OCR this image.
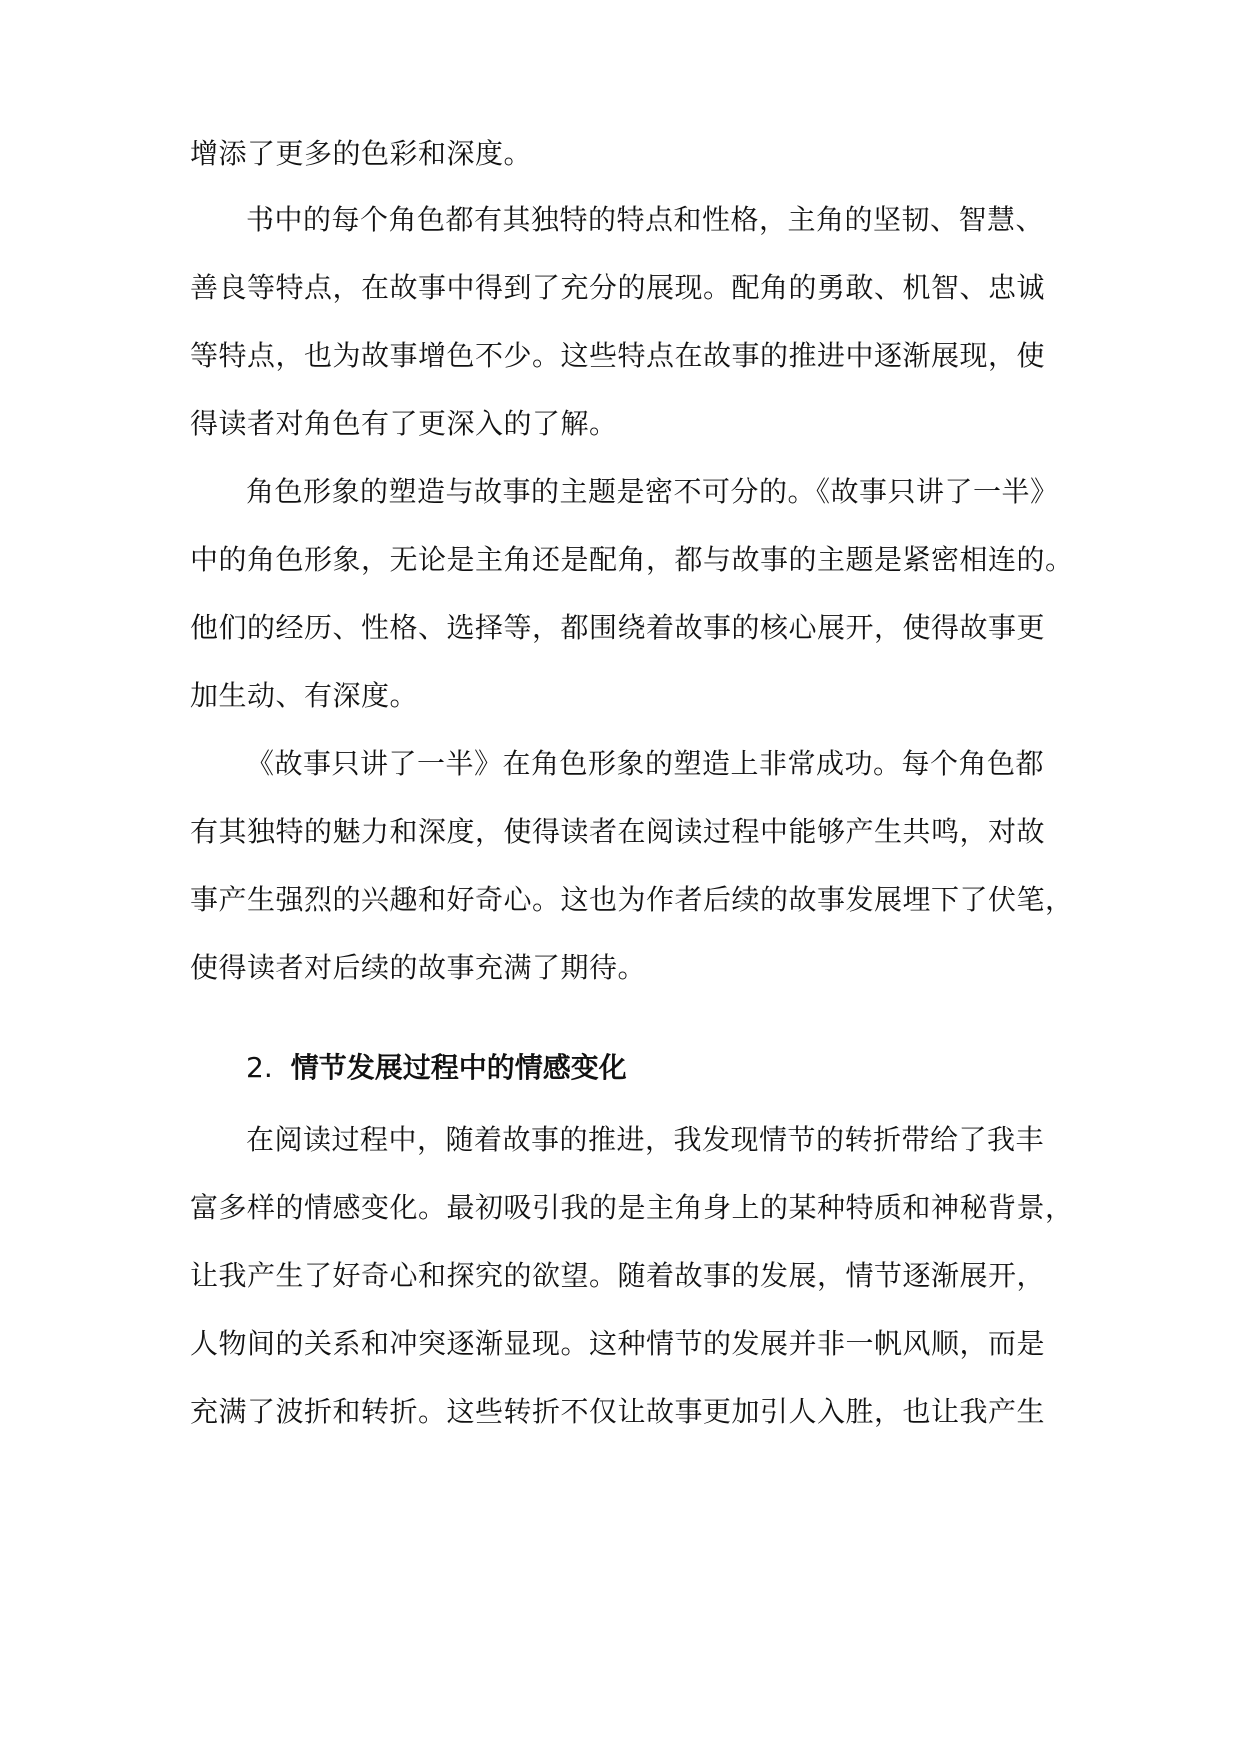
增添了更多的色彩和深度。
书中的每个角色都有其独特的特点和性格，主角的坚韧、智慧、
善良等特点，在故事中得到了充分的展现。配角的勇敢、机智、忠诚
等特点，也为故事增色不少。这些特点在故事的推进中逐渐展现，使
得读者对角色有了更深入的了解。
角色形象的塑造与故事的主题是密不可分的。《故事只讲了一半》
中的角色形象，无论是主角还是配角，都与故事的主题是紧密相连的。
他们的经历、性格、选择等，都围绕着故事的核心展开，使得故事更
加生动、有深度。
《故事只讲了一半》在角色形象的塑造上非常成功。每个角色都
有其独特的魅力和深度，使得读者在阅读过程中能够产生共鸣，对故
事产生强烈的兴趣和好奇心。这也为作者后续的故事发展埋下了伏笔，
使得读者对后续的故事充满了期待。
2. 情节发展过程中的情感变化
在阅读过程中，随着故事的推进，我发现情节的转折带给了我丰
富多样的情感变化。最初吸引我的是主角身上的某种特质和神秘背景，
让我产生了好奇心和探究的欲望。随着故事的发展，情节逐渐展开，
人物间的关系和冲突逐渐显现。这种情节的发展并非一帆风顺，而是
充满了波折和转折。这些转折不仅让故事更加引人入胜，也让我产生
